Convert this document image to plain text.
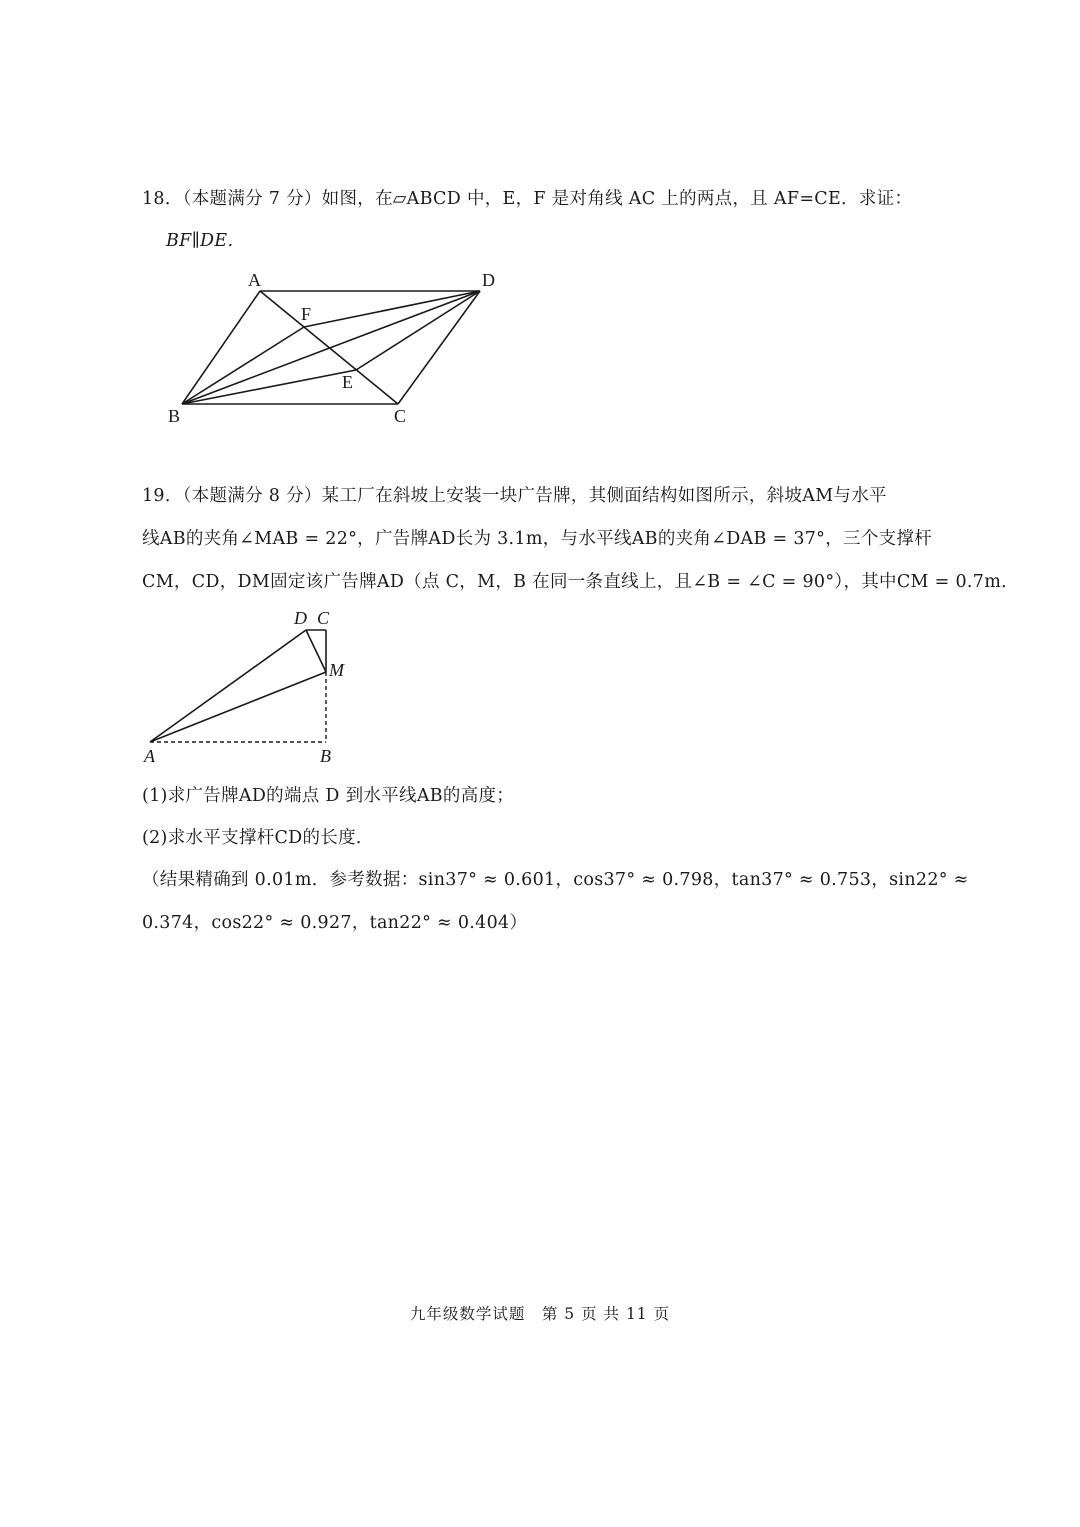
18．（本题满分 7 分）如图，在▱ABCD 中，E，F 是对角线 AC 上的两点，且 AF=CE．求证：
BF∥DE．
A	D
F
E
B	C
19．（本题满分 8 分）某工厂在斜坡上安装一块广告牌，其侧面结构如图所示，斜坡AM与水平
线AB的夹角∠MAB = 22°，广告牌AD长为 3.1m，与水平线AB的夹角∠DAB = 37°，三个支撑杆
CM，CD，DM固定该广告牌AD（点 C，M，B 在同一条直线上，且∠B = ∠C = 90°），其中CM = 0.7m．
D C
M
A	B
(1)求广告牌AD的端点 D 到水平线AB的高度；
(2)求水平支撑杆CD的长度．
（结果精确到 0.01m．参考数据：sin37° ≈ 0.601，cos37° ≈ 0.798，tan37° ≈ 0.753，sin22° ≈
0.374，cos22° ≈ 0.927，tan22° ≈ 0.404）
九年级数学试题　第 5 页 共 11 页
